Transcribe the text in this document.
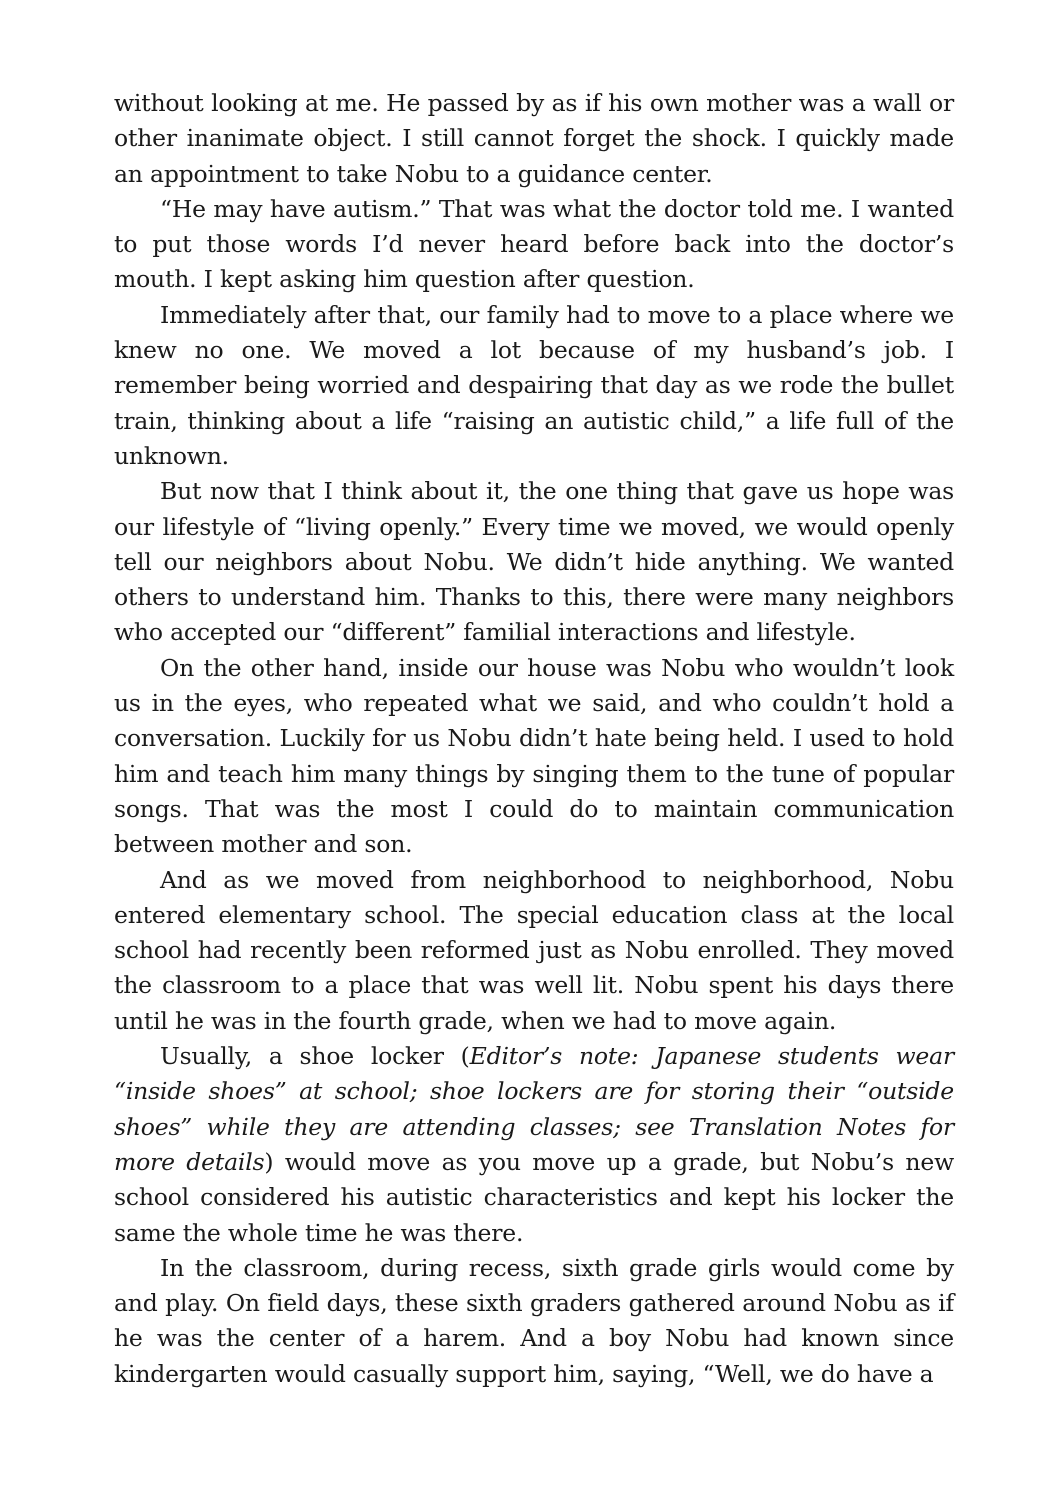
without looking at me. He passed by as if his own mother was a wall or other inanimate object. I still cannot forget the shock. I quickly made an appointment to take Nobu to a guidance center.

“He may have autism.” That was what the doctor told me. I wanted to put those words I’d never heard before back into the doctor’s mouth. I kept asking him question after question.

Immediately after that, our family had to move to a place where we knew no one. We moved a lot because of my husband’s job. I remember being worried and despairing that day as we rode the bullet train, thinking about a life “raising an autistic child,” a life full of the unknown.

But now that I think about it, the one thing that gave us hope was our lifestyle of “living openly.” Every time we moved, we would openly tell our neighbors about Nobu. We didn’t hide anything. We wanted others to understand him. Thanks to this, there were many neighbors who accepted our “different” familial interactions and lifestyle.

On the other hand, inside our house was Nobu who wouldn’t look us in the eyes, who repeated what we said, and who couldn’t hold a conversation. Luckily for us Nobu didn’t hate being held. I used to hold him and teach him many things by singing them to the tune of popular songs. That was the most I could do to maintain communication between mother and son.

And as we moved from neighborhood to neighborhood, Nobu entered elementary school. The special education class at the local school had recently been reformed just as Nobu enrolled. They moved the classroom to a place that was well lit. Nobu spent his days there until he was in the fourth grade, when we had to move again.

Usually, a shoe locker (Editor’s note: Japanese students wear “inside shoes” at school; shoe lockers are for storing their “outside shoes” while they are attending classes; see Translation Notes for more details) would move as you move up a grade, but Nobu’s new school considered his autistic characteristics and kept his locker the same the whole time he was there.

In the classroom, during recess, sixth grade girls would come by and play. On field days, these sixth graders gathered around Nobu as if he was the center of a harem. And a boy Nobu had known since kindergarten would casually support him, saying, “Well, we do have a
